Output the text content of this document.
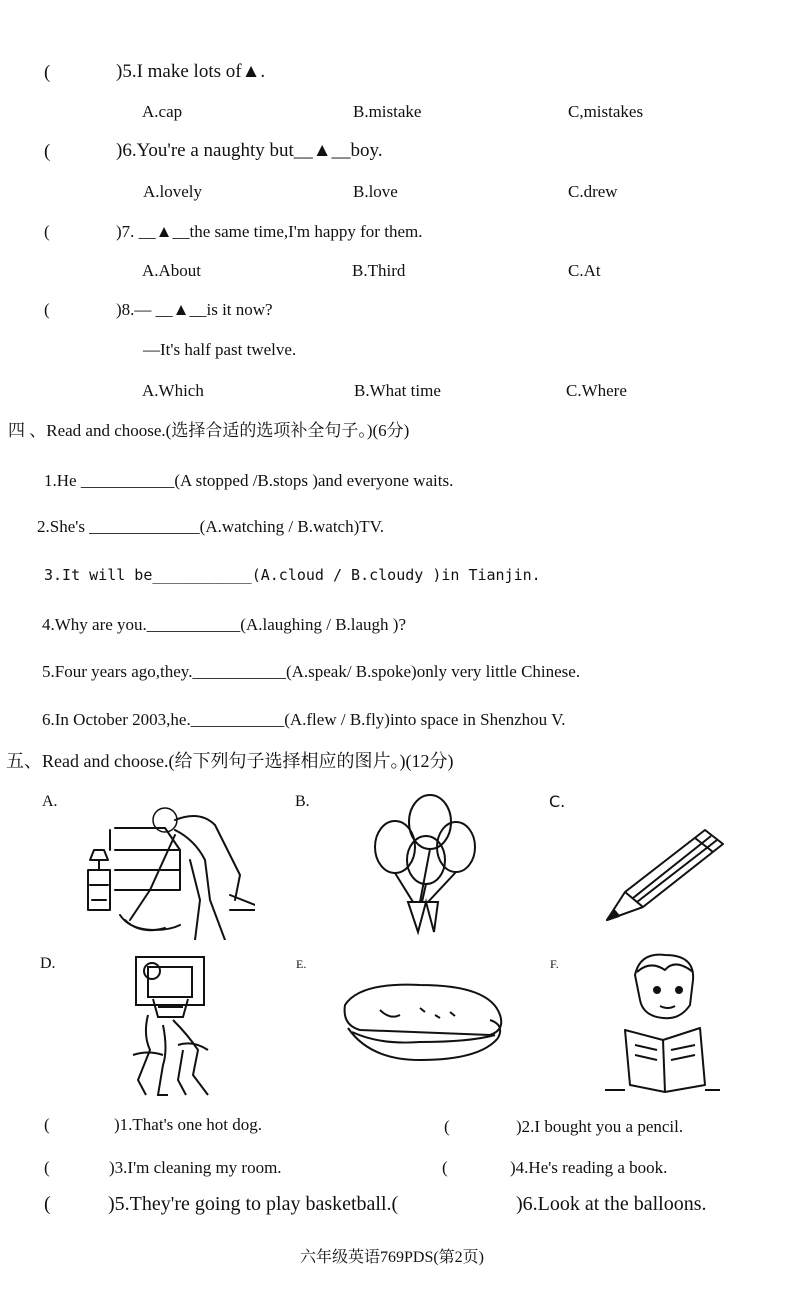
(	)5.I make lots of▲.
A.cap	B.mistake	C,mistakes
(	)6.You're a naughty but__▲__boy.
A.lovely	B.love	C.drew
(	)7. __▲__the same time,I'm happy for them.
A.About	B.Third	C.At
(	)8.— __▲__is it now?
—It's half past twelve.
A.Which	B.What time	C.Where
四 、Read and choose.(选择合适的选项补全句子。)(6分)
1.He ___________(A stopped /B.stops )and everyone waits.
2.She's _____________(A.watching / B.watch)TV.
3.It will be___________(A.cloud / B.cloudy )in Tianjin.
4.Why are you.___________(A.laughing / B.laugh )?
5.Four years ago,they.___________(A.speak/ B.spoke)only very little Chinese.
6.In October 2003,he.___________(A.flew / B.fly)into space in Shenzhou V.
五、Read and choose.(给下列句子选择相应的图片。)(12分)
A.	B.	C.
D.	E.	F.
(	)1.That's one hot dog.	(	)2.I bought you a pencil.
(	)3.I'm cleaning my room.	(	)4.He's reading a book.
(	)5.They're going to play basketball.(	)6.Look at the balloons.
六年级英语769PDS(第2页)
